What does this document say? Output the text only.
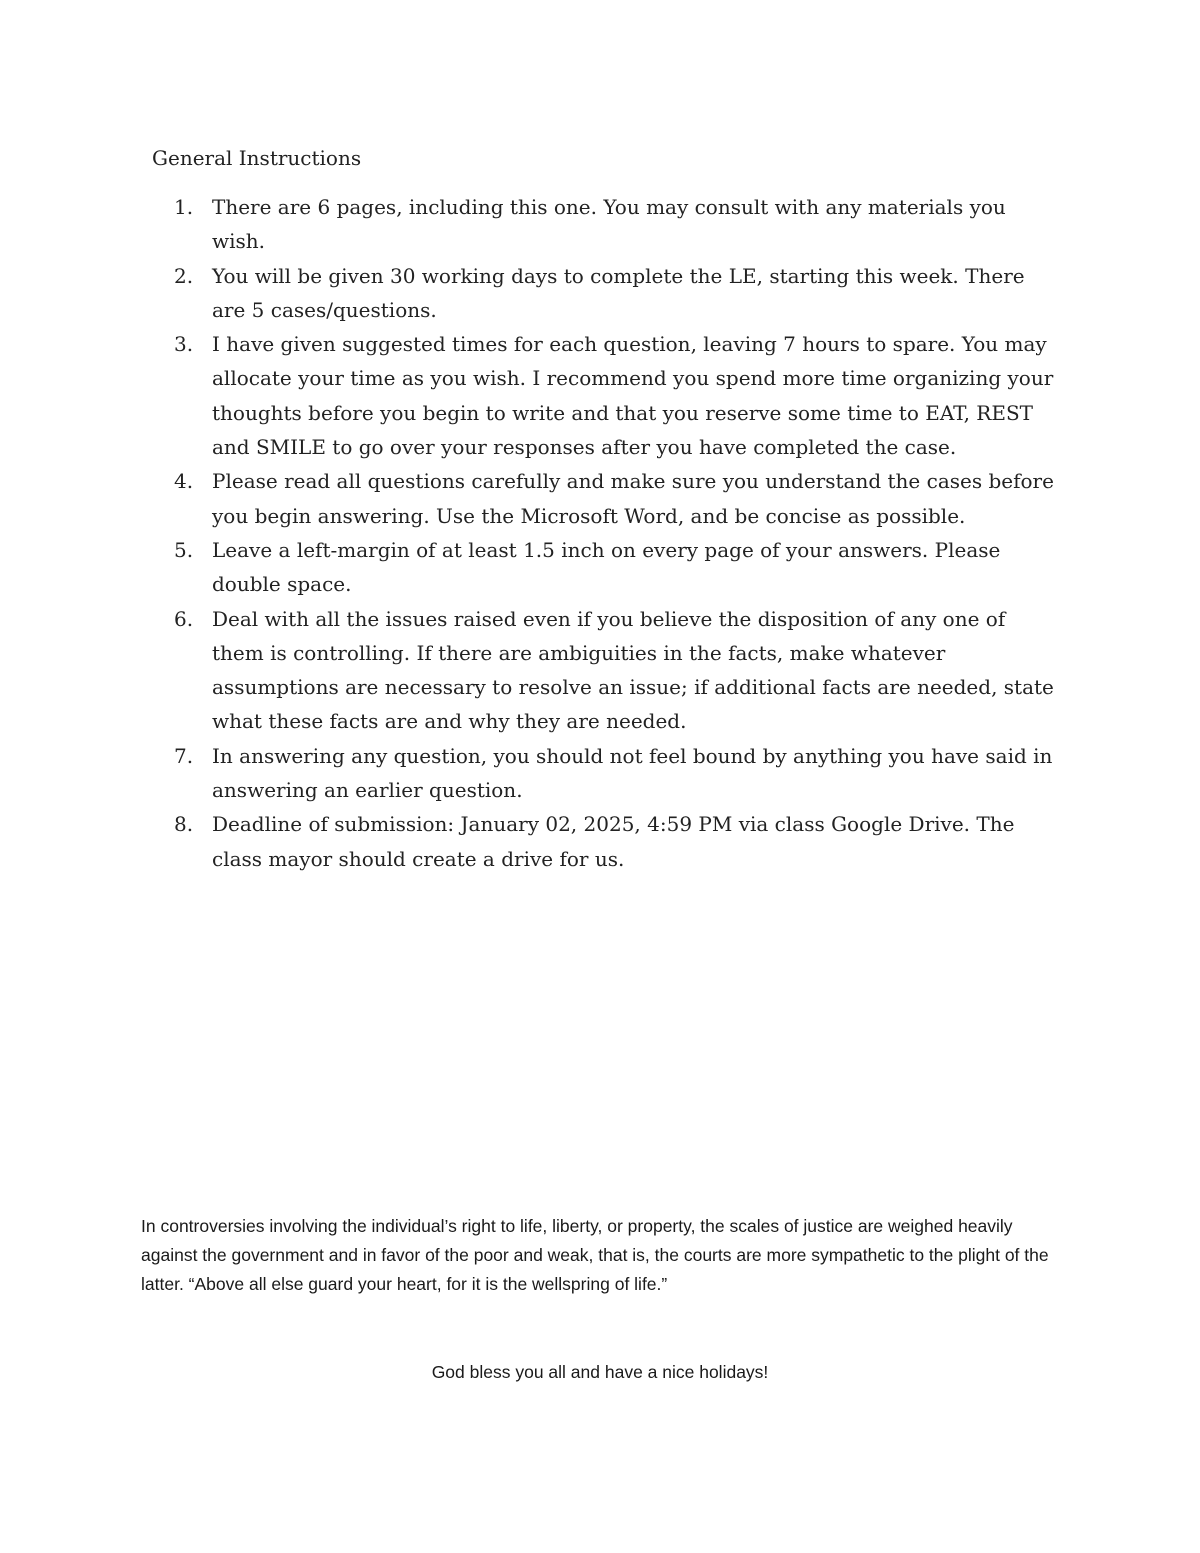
General Instructions
1. There are 6 pages, including this one. You may consult with any materials you wish.
2. You will be given 30 working days to complete the LE, starting this week. There are 5 cases/questions.
3. I have given suggested times for each question, leaving 7 hours to spare. You may allocate your time as you wish. I recommend you spend more time organizing your thoughts before you begin to write and that you reserve some time to EAT, REST and SMILE to go over your responses after you have completed the case.
4. Please read all questions carefully and make sure you understand the cases before you begin answering. Use the Microsoft Word, and be concise as possible.
5. Leave a left-margin of at least 1.5 inch on every page of your answers. Please double space.
6. Deal with all the issues raised even if you believe the disposition of any one of them is controlling. If there are ambiguities in the facts, make whatever assumptions are necessary to resolve an issue; if additional facts are needed, state what these facts are and why they are needed.
7. In answering any question, you should not feel bound by anything you have said in answering an earlier question.
8. Deadline of submission: January 02, 2025, 4:59 PM via class Google Drive. The class mayor should create a drive for us.

In controversies involving the individual’s right to life, liberty, or property, the scales of justice are weighed heavily against the government and in favor of the poor and weak, that is, the courts are more sympathetic to the plight of the latter. “Above all else guard your heart, for it is the wellspring of life.”

God bless you all and have a nice holidays!
